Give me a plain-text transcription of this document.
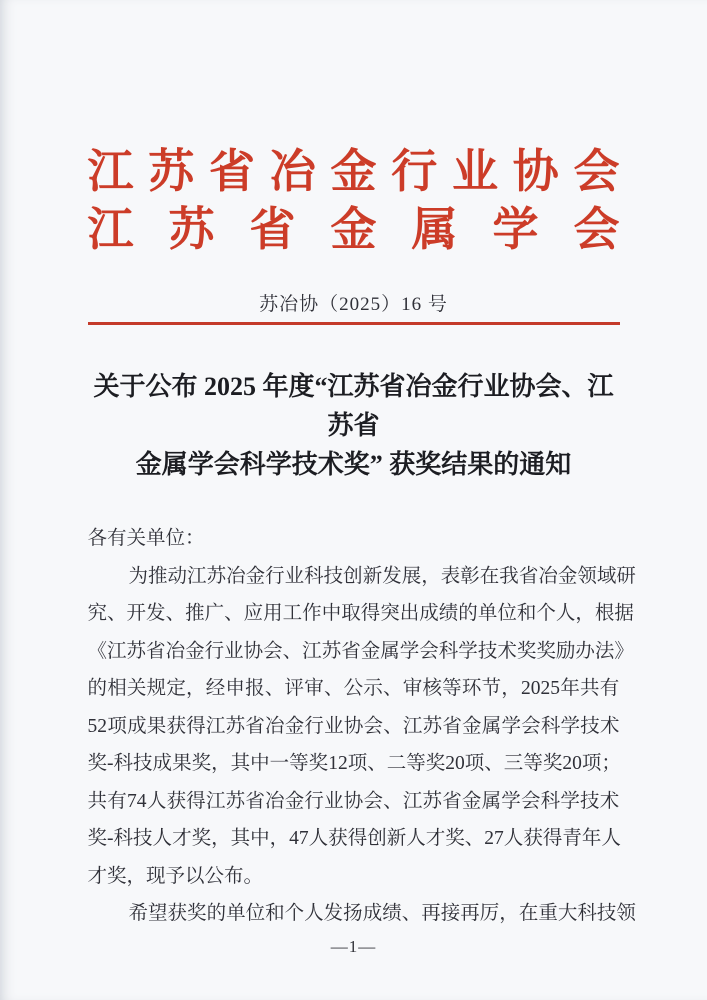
江 苏 省 冶 金 行 业 协 会
江 苏 省 金 属 学 会
苏冶协（2025）16 号
关于公布 2025 年度“江苏省冶金行业协会、江苏省
金属学会科学技术奖” 获奖结果的通知
各有关单位：
为 推 动 江 苏 冶 金 行 业 科 技 创 新 发 展 ， 表 彰 在 我 省 冶 金 领 域 研
究 、 开 发 、 推 广 、 应 用 工 作 中 取 得 突 出 成 绩 的 单 位 和 个 人 ， 根 据
《 江 苏 省 冶 金 行 业 协 会 、 江 苏 省 金 属 学 会 科 学 技 术 奖 奖 励 办 法 》
的 相 关 规 定 ， 经 申 报 、 评 审 、 公 示 、 审 核 等 环 节 ， 2025 年 共 有
52 项 成 果 获 得 江 苏 省 冶 金 行 业 协 会 、 江 苏 省 金 属 学 会 科 学 技 术
奖 - 科 技 成 果 奖 ， 其 中 一 等 奖 12 项 、 二 等 奖 20 项 、 三 等 奖 20 项 ；
共 有 74 人 获 得 江 苏 省 冶 金 行 业 协 会 、 江 苏 省 金 属 学 会 科 学 技 术
奖 - 科 技 人 才 奖 ， 其 中 ， 47 人 获 得 创 新 人 才 奖 、 27 人 获 得 青 年 人
才奖，现予以公布。
希 望 获 奖 的 单 位 和 个 人 发 扬 成 绩 、 再 接 再 厉 ， 在 重 大 科 技 领
—1—
